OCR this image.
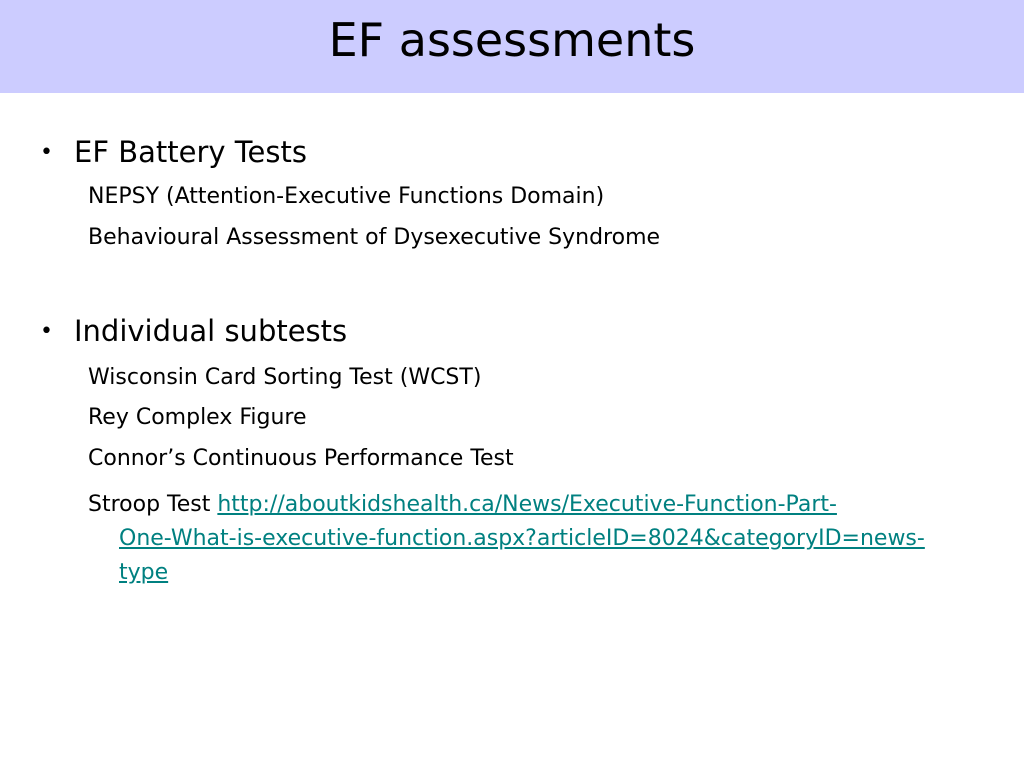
EF assessments
• EF Battery Tests
NEPSY (Attention-Executive Functions Domain)
Behavioural Assessment of Dysexecutive Syndrome
• Individual subtests
Wisconsin Card Sorting Test (WCST)
Rey Complex Figure
Connor’s Continuous Performance Test
Stroop Test http://aboutkidshealth.ca/News/Executive-Function-Part-
One-What-is-executive-function.aspx?articleID=8024&categoryID=news-
type
